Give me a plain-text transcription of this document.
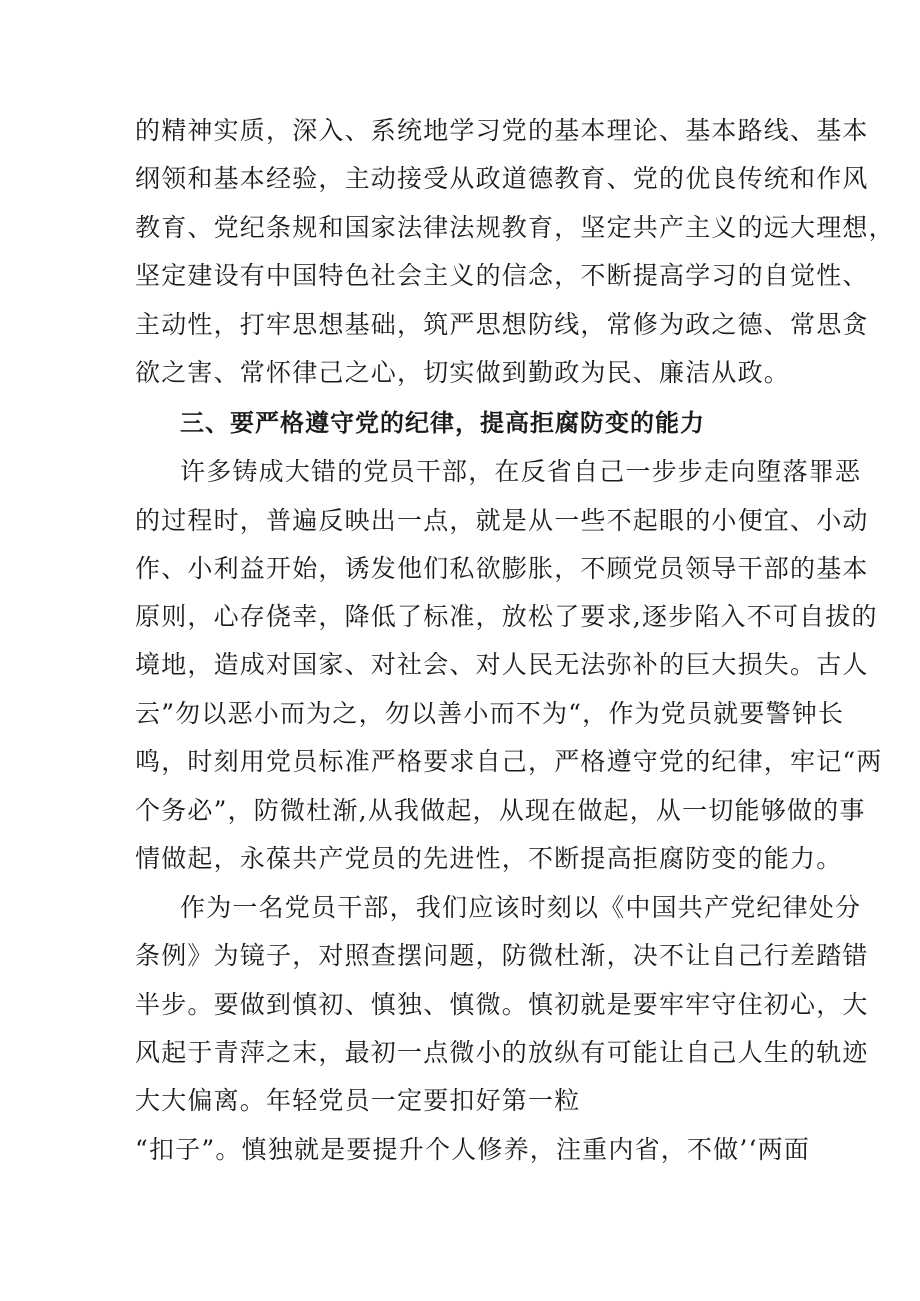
的精神实质，深入、系统地学习党的基本理论、基本路线、基本
纲领和基本经验，主动接受从政道德教育、党的优良传统和作风
教育、党纪条规和国家法律法规教育，坚定共产主义的远大理想，
坚定建设有中国特色社会主义的信念，不断提高学习的自觉性、
主动性，打牢思想基础，筑严思想防线，常修为政之德、常思贪
欲之害、常怀律己之心，切实做到勤政为民、廉洁从政。
三、要严格遵守党的纪律，提高拒腐防变的能力
许多铸成大错的党员干部，在反省自己一步步走向堕落罪恶
的过程时，普遍反映出一点，就是从一些不起眼的小便宜、小动
作、小利益开始，诱发他们私欲膨胀，不顾党员领导干部的基本
原则，心存侥幸，降低了标准，放松了要求,逐步陷入不可自拔的
境地，造成对国家、对社会、对人民无法弥补的巨大损失。古人
云”勿以恶小而为之，勿以善小而不为“，作为党员就要警钟长
鸣，时刻用党员标准严格要求自己，严格遵守党的纪律，牢记“两
个务必”，防微杜渐,从我做起，从现在做起，从一切能够做的事
情做起，永葆共产党员的先进性，不断提高拒腐防变的能力。
作为一名党员干部，我们应该时刻以《中国共产党纪律处分
条例》为镜子，对照查摆问题，防微杜渐，决不让自己行差踏错
半步。要做到慎初、慎独、慎微。慎初就是要牢牢守住初心，大
风起于青萍之末，最初一点微小的放纵有可能让自己人生的轨迹
大大偏离。年轻党员一定要扣好第一粒
“扣子”。慎独就是要提升个人修养，注重内省，不做’‘两面
